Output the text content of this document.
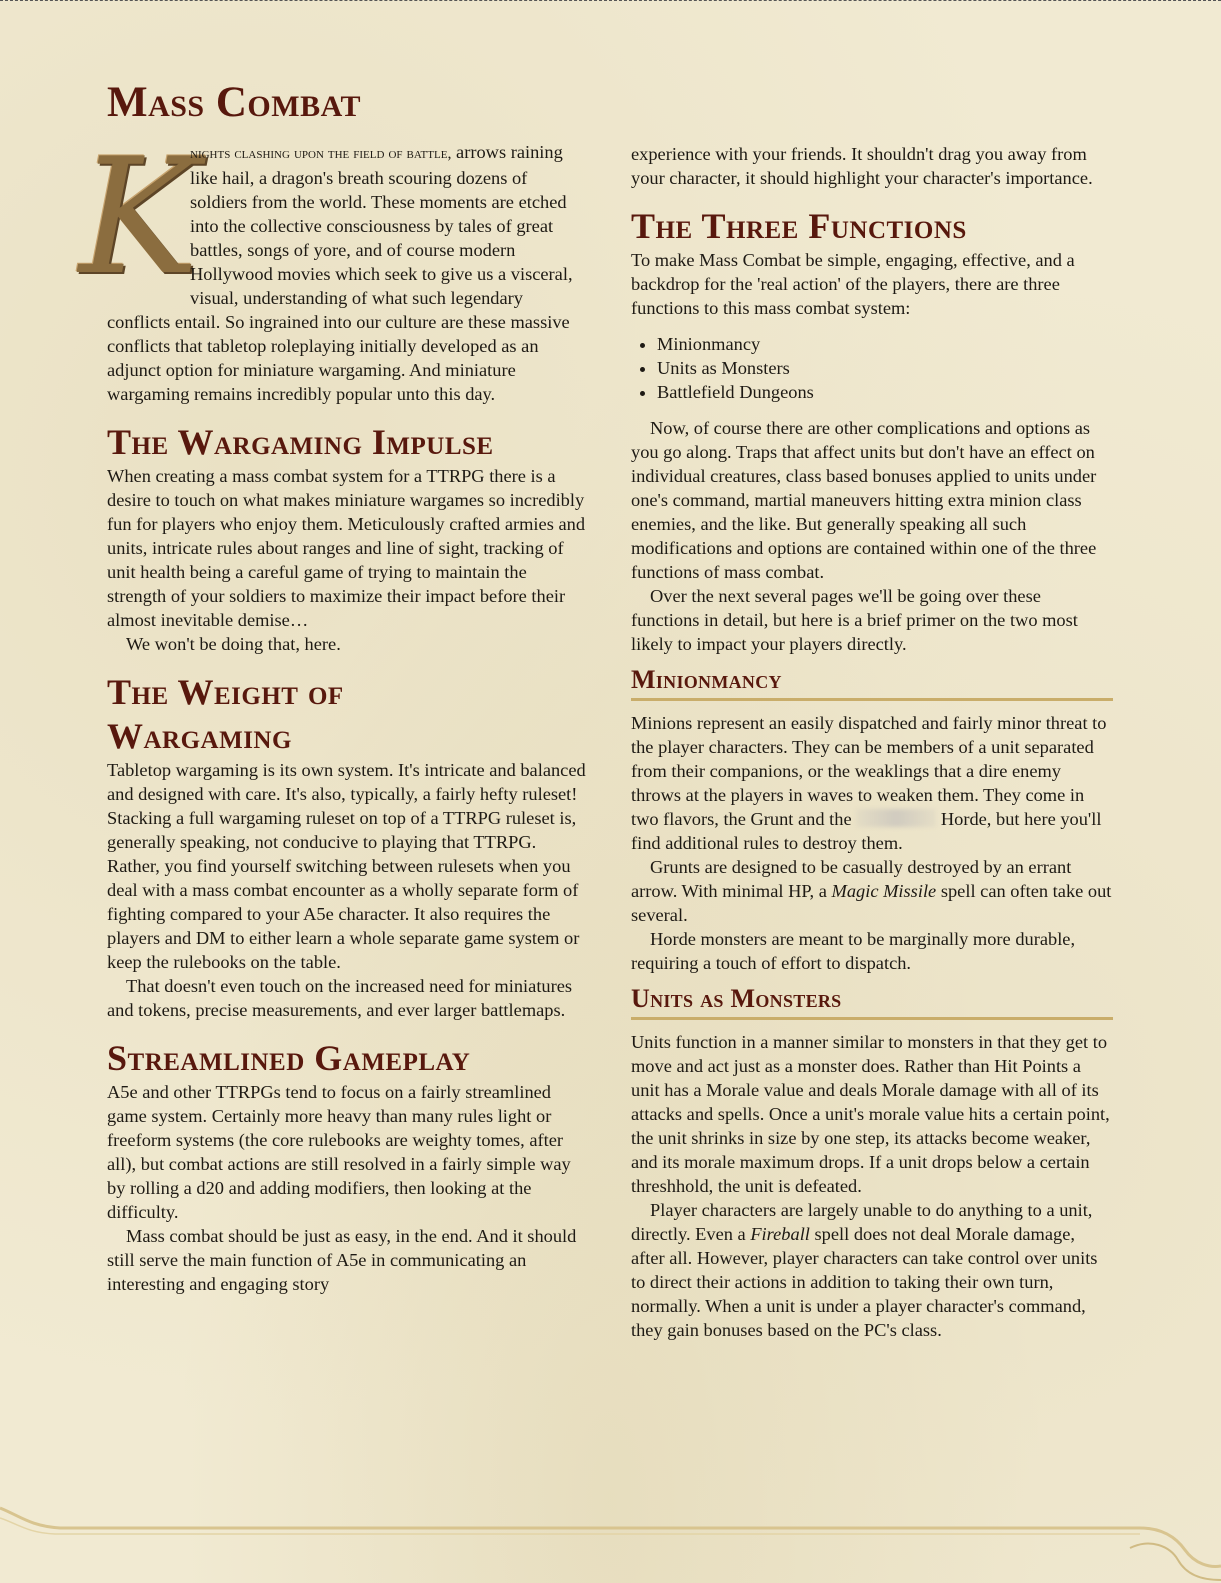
Mass Combat
K

nights clashing upon the field of battle, arrows raining like hail, a dragon's breath scouring dozens of soldiers from the world. These moments are etched into the collective consciousness by tales of great battles, songs of yore, and of course modern Hollywood movies which seek to give us a visceral, visual, understanding of what such legendary conflicts entail. So ingrained into our culture are these massive conflicts that tabletop roleplaying initially developed as an adjunct option for miniature wargaming. And miniature wargaming remains incredibly popular unto this day.

The Wargaming Impulse

When creating a mass combat system for a TTRPG there is a desire to touch on what makes miniature wargames so incredibly fun for players who enjoy them. Meticulously crafted armies and units, intricate rules about ranges and line of sight, tracking of unit health being a careful game of trying to maintain the strength of your soldiers to maximize their impact before their almost inevitable demise…

We won't be doing that, here.

The Weight of Wargaming

Tabletop wargaming is its own system. It's intricate and balanced and designed with care. It's also, typically, a fairly hefty ruleset! Stacking a full wargaming ruleset on top of a TTRPG ruleset is, generally speaking, not conducive to playing that TTRPG. Rather, you find yourself switching between rulesets when you deal with a mass combat encounter as a wholly separate form of fighting compared to your A5e character. It also requires the players and DM to either learn a whole separate game system or keep the rulebooks on the table.

That doesn't even touch on the increased need for miniatures and tokens, precise measurements, and ever larger battlemaps.

Streamlined Gameplay

A5e and other TTRPGs tend to focus on a fairly streamlined game system. Certainly more heavy than many rules light or freeform systems (the core rulebooks are weighty tomes, after all), but combat actions are still resolved in a fairly simple way by rolling a d20 and adding modifiers, then looking at the difficulty.

Mass combat should be just as easy, in the end. And it should still serve the main function of A5e in communicating an interesting and engaging story

experience with your friends. It shouldn't drag you away from your character, it should highlight your character's importance.

The Three Functions

To make Mass Combat be simple, engaging, effective, and a backdrop for the 'real action' of the players, there are three functions to this mass combat system:

• Minionmancy
• Units as Monsters
• Battlefield Dungeons

Now, of course there are other complications and options as you go along. Traps that affect units but don't have an effect on individual creatures, class based bonuses applied to units under one's command, martial maneuvers hitting extra minion class enemies, and the like. But generally speaking all such modifications and options are contained within one of the three functions of mass combat.

Over the next several pages we'll be going over these functions in detail, but here is a brief primer on the two most likely to impact your players directly.

Minionmancy

Minions represent an easily dispatched and fairly minor threat to the player characters. They can be members of a unit separated from their companions, or the weaklings that a dire enemy throws at the players in waves to weaken them. They come in two flavors, the Grunt and the	Horde, but here you'll find additional rules to destroy them.

Grunts are designed to be casually destroyed by an errant arrow. With minimal HP, a Magic Missile spell can often take out several.

Horde monsters are meant to be marginally more durable, requiring a touch of effort to dispatch.

Units as Monsters

Units function in a manner similar to monsters in that they get to move and act just as a monster does. Rather than Hit Points a unit has a Morale value and deals Morale damage with all of its attacks and spells. Once a unit's morale value hits a certain point, the unit shrinks in size by one step, its attacks become weaker, and its morale maximum drops. If a unit drops below a certain threshhold, the unit is defeated.

Player characters are largely unable to do anything to a unit, directly. Even a Fireball spell does not deal Morale damage, after all. However, player characters can take control over units to direct their actions in addition to taking their own turn, normally. When a unit is under a player character's command, they gain bonuses based on the PC's class.
